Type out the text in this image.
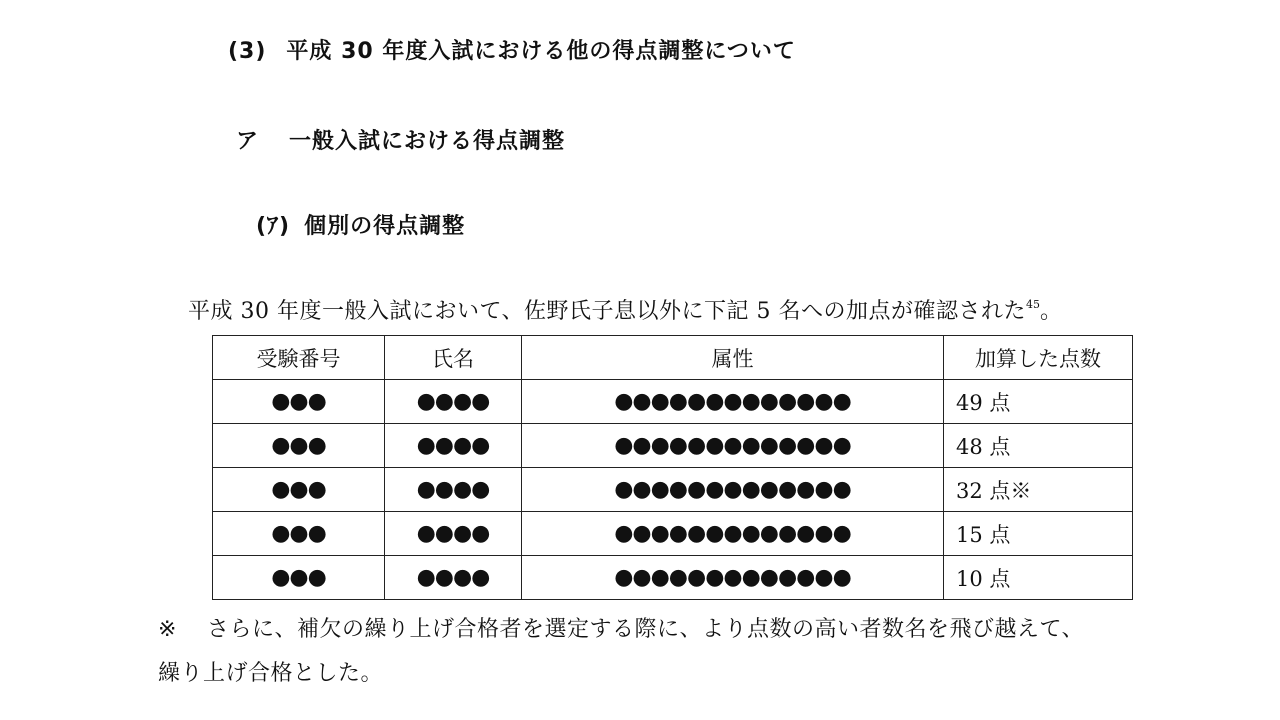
(3) 平成 30 年度入試における他の得点調整について
ア 一般入試における得点調整
(ｱ) 個別の得点調整
平成 30 年度一般入試において、佐野氏子息以外に下記 5 名への加点が確認された$^{45}$。
受験番号	氏名	属性	加算した点数
●●●	●●●●	●●●●●●●●●●●●●	49 点
●●●	●●●●	●●●●●●●●●●●●●	48 点
●●●	●●●●	●●●●●●●●●●●●●	32 点※
●●●	●●●●	●●●●●●●●●●●●●	15 点
●●●	●●●●	●●●●●●●●●●●●●	10 点
※ さらに、補欠の繰り上げ合格者を選定する際に、より点数の高い者数名を飛び越えて、
繰り上げ合格とした。
